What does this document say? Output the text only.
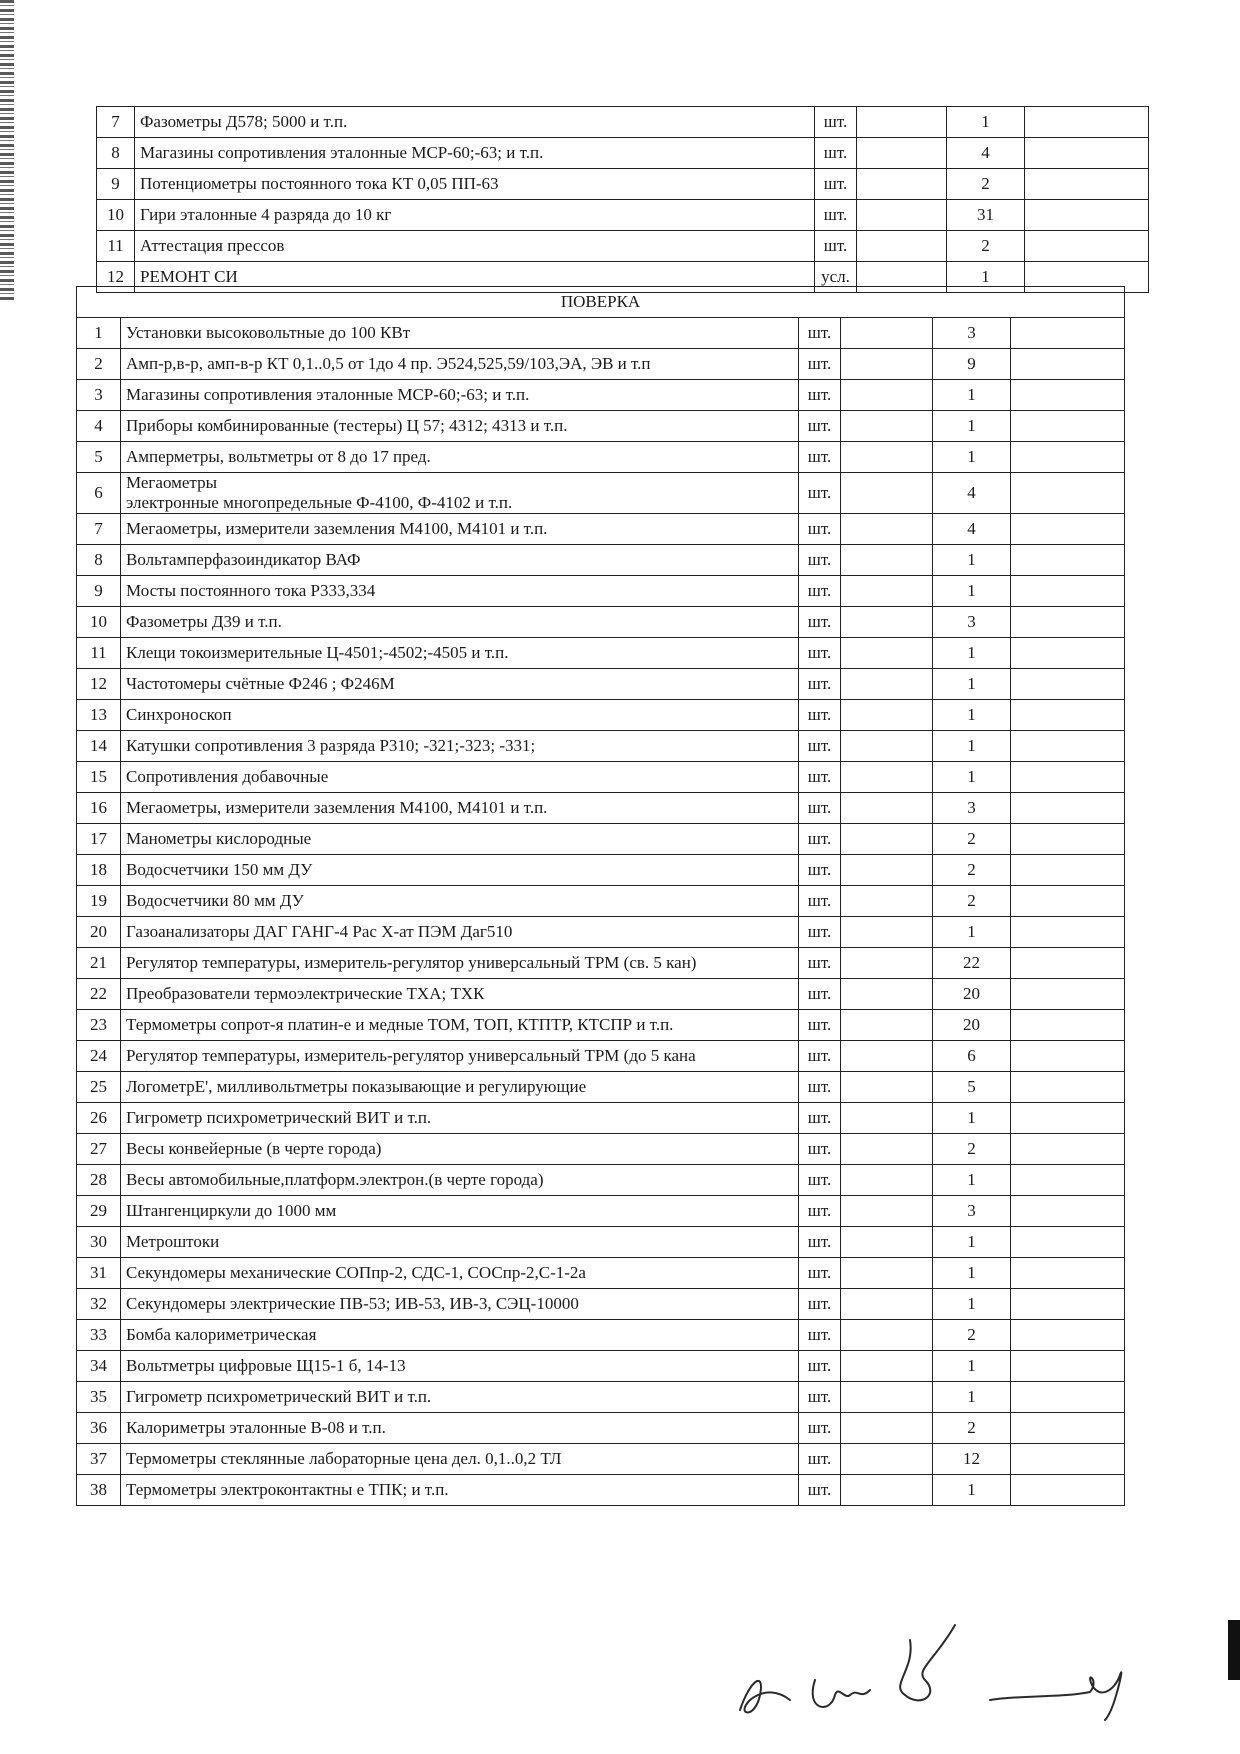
7	Фазометры Д578; 5000 и т.п.	шт.		1	
8	Магазины сопротивления эталонные МСР-60;-63; и т.п.	шт.		4	
9	Потенциометры постоянного тока КТ 0,05 ПП-63	шт.		2	
10	Гири эталонные 4 разряда до 10 кг	шт.		31	
11	Аттестация прессов	шт.		2	
12	РЕМОНТ СИ	усл.		1	
ПОВЕРКА					
1	Установки высоковольтные до 100 КВт	шт.		3	
2	Амп-р,в-р, амп-в-р КТ 0,1..0,5 от 1до 4 пр. Э524,525,59/103,ЭА, ЭВ и т.п	шт.		9	
3	Магазины сопротивления эталонные МСР-60;-63; и т.п.	шт.		1	
4	Приборы комбинированные (тестеры) Ц 57; 4312; 4313 и т.п.	шт.		1	
5	Амперметры, вольтметры от 8 до 17 пред.	шт.		1	
6	Мегаометры
электронные многопредельные Ф-4100, Ф-4102 и т.п.	шт.		4	
7	Мегаометры, измерители заземления М4100, М4101 и т.п.	шт.		4	
8	Вольтамперфазоиндикатор ВАФ	шт.		1	
9	Мосты постоянного тока Р333,334	шт.		1	
10	Фазометры Д39 и т.п.	шт.		3	
11	Клещи токоизмерительные Ц-4501;-4502;-4505 и т.п.	шт.		1	
12	Частотомеры счётные Ф246 ; Ф246М	шт.		1	
13	Синхроноскоп	шт.		1	
14	Катушки сопротивления 3 разряда Р310; -321;-323; -331;	шт.		1	
15	Сопротивления добавочные	шт.		1	
16	Мегаометры, измерители заземления М4100, М4101 и т.п.	шт.		3	
17	Манометры кислородные	шт.		2	
18	Водосчетчики 150 мм ДУ	шт.		2	
19	Водосчетчики 80 мм ДУ	шт.		2	
20	Газоанализаторы ДАГ ГАНГ-4 Рас Х-ат ПЭМ Даг510	шт.		1	
21	Регулятор температуры, измеритель-регулятор универсальный ТРМ (св. 5 кан)	шт.		22	
22	Преобразователи термоэлектрические ТХА; ТХК	шт.		20	
23	Термометры сопрот-я платин-е и медные ТОМ, ТОП, КТПТР, КТСПР и т.п.	шт.		20	
24	Регулятор температуры, измеритель-регулятор универсальный ТРМ (до 5 кана	шт.		6	
25	ЛогометрЕ', милливольтметры показывающие и регулирующие	шт.		5	
26	Гигрометр психрометрический ВИТ и т.п.	шт.		1	
27	Весы конвейерные (в черте города)	шт.		2	
28	Весы автомобильные,платформ.электрон.(в черте города)	шт.		1	
29	Штангенциркули до 1000 мм	шт.		3	
30	Метроштоки	шт.		1	
31	Секундомеры механические СОПпр-2, СДС-1, СОСпр-2,С-1-2а	шт.		1	
32	Секундомеры электрические ПВ-53; ИВ-53, ИВ-3, СЭЦ-10000	шт.		1	
33	Бомба калориметрическая	шт.		2	
34	Вольтметры цифровые Щ15-1 б, 14-13	шт.		1	
35	Гигрометр психрометрический ВИТ и т.п.	шт.		1	
36	Калориметры эталонные В-08 и т.п.	шт.		2	
37	Термометры стеклянные лабораторные цена дел. 0,1..0,2 ТЛ	шт.		12	
38	Термометры электроконтактны е ТПК; и т.п.	шт.		1	
